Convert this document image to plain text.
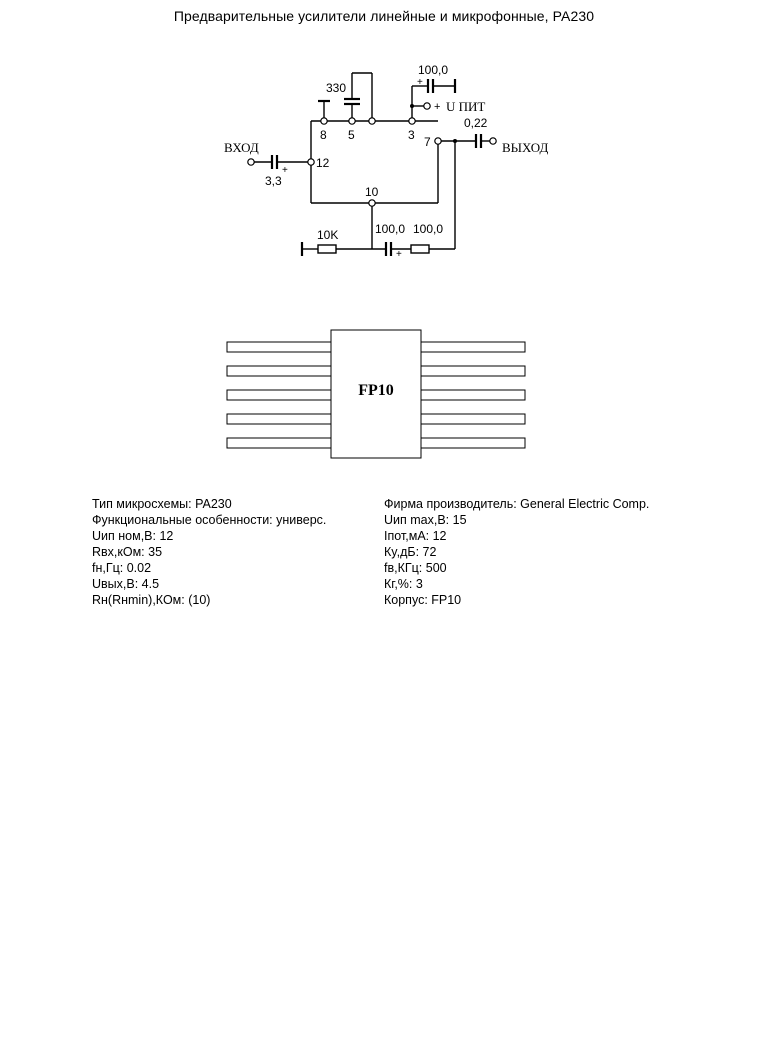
Предварительные усилители линейные и микрофонные, PA230
ВХОД	ВЫХОД
U ПИТ
+
3,3
+
330
100,0
+
0,22
100,0
+
10K	100,0
8 5	3 7
12
10
FP10
Тип микросхемы: PA230
Функциональные особенности: универс.
Uип ном,В: 12
Rвх,кОм: 35
fн,Гц: 0.02
Uвых,В: 4.5
Rн(Rнmin),КОм: (10)
Фирма производитель: General Electric Comp.
Uип max,В: 15
Iпот,мА: 12
Кy,дБ: 72
fв,КГц: 500
Кг,%: 3
Корпус: FP10
